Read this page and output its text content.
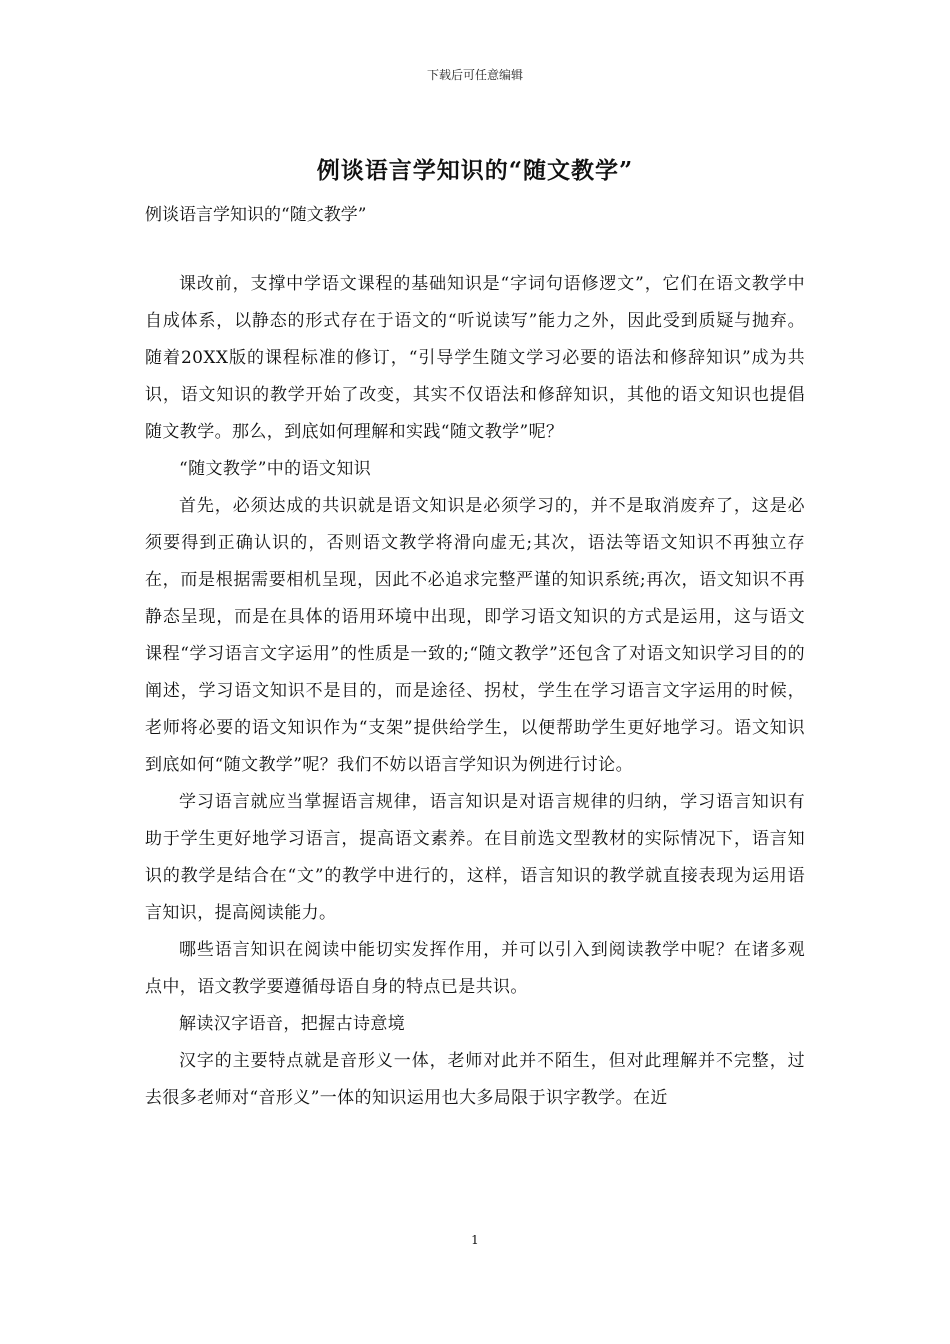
下载后可任意编辑
例谈语言学知识的“随文教学”
例谈语言学知识的“随文教学”

课改前，支撑中学语文课程的基础知识是“字词句语修逻文”，它们在语文教学中自成体系，以静态的形式存在于语文的“听说读写”能力之外，因此受到质疑与抛弃。随着20XX版的课程标准的修订，“引导学生随文学习必要的语法和修辞知识”成为共识，语文知识的教学开始了改变，其实不仅语法和修辞知识，其他的语文知识也提倡随文教学。那么，到底如何理解和实践“随文教学”呢？

“随文教学”中的语文知识

首先，必须达成的共识就是语文知识是必须学习的，并不是取消废弃了，这是必须要得到正确认识的，否则语文教学将滑向虚无;其次，语法等语文知识不再独立存在，而是根据需要相机呈现，因此不必追求完整严谨的知识系统;再次，语文知识不再静态呈现，而是在具体的语用环境中出现，即学习语文知识的方式是运用，这与语文课程“学习语言文字运用”的性质是一致的;“随文教学”还包含了对语文知识学习目的的阐述，学习语文知识不是目的，而是途径、拐杖，学生在学习语言文字运用的时候，老师将必要的语文知识作为“支架”提供给学生，以便帮助学生更好地学习。语文知识到底如何“随文教学”呢？我们不妨以语言学知识为例进行讨论。

学习语言就应当掌握语言规律，语言知识是对语言规律的归纳，学习语言知识有助于学生更好地学习语言，提高语文素养。在目前选文型教材的实际情况下，语言知识的教学是结合在“文”的教学中进行的，这样，语言知识的教学就直接表现为运用语言知识，提高阅读能力。

哪些语言知识在阅读中能切实发挥作用，并可以引入到阅读教学中呢？在诸多观点中，语文教学要遵循母语自身的特点已是共识。

解读汉字语音，把握古诗意境

汉字的主要特点就是音形义一体，老师对此并不陌生，但对此理解并不完整，过去很多老师对“音形义”一体的知识运用也大多局限于识字教学。在近

1
